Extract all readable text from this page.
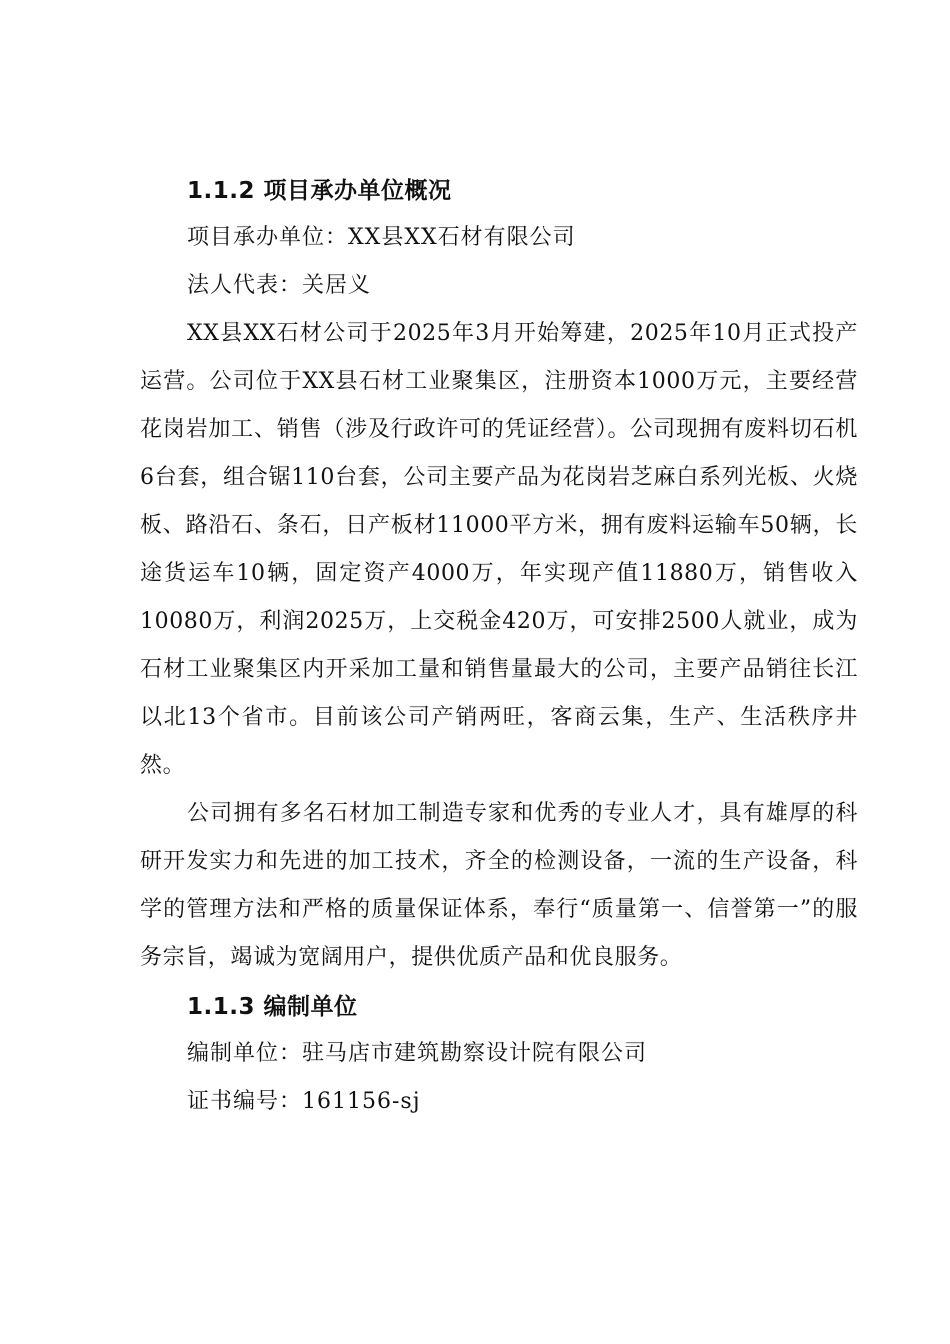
1.1.2 项目承办单位概况
项目承办单位：XX县XX石材有限公司
法人代表：关居义

XX县XX石材公司于2025年3月开始筹建，2025年10月正式投产运营。公司位于XX县石材工业聚集区，注册资本1000万元，主要经营花岗岩加工、销售（涉及行政许可的凭证经营）。公司现拥有废料切石机6台套，组合锯110台套，公司主要产品为花岗岩芝麻白系列光板、火烧板、路沿石、条石，日产板材11000平方米，拥有废料运输车50辆，长途货运车10辆，固定资产4000万，年实现产值11880万，销售收入10080万，利润2025万，上交税金420万，可安排2500人就业，成为石材工业聚集区内开采加工量和销售量最大的公司，主要产品销往长江以北13个省市。目前该公司产销两旺，客商云集，生产、生活秩序井然。

公司拥有多名石材加工制造专家和优秀的专业人才，具有雄厚的科研开发实力和先进的加工技术，齐全的检测设备，一流的生产设备，科学的管理方法和严格的质量保证体系，奉行“质量第一、信誉第一”的服务宗旨，竭诚为宽阔用户，提供优质产品和优良服务。

1.1.3 编制单位
编制单位：驻马店市建筑勘察设计院有限公司
证书编号：161156-sj
